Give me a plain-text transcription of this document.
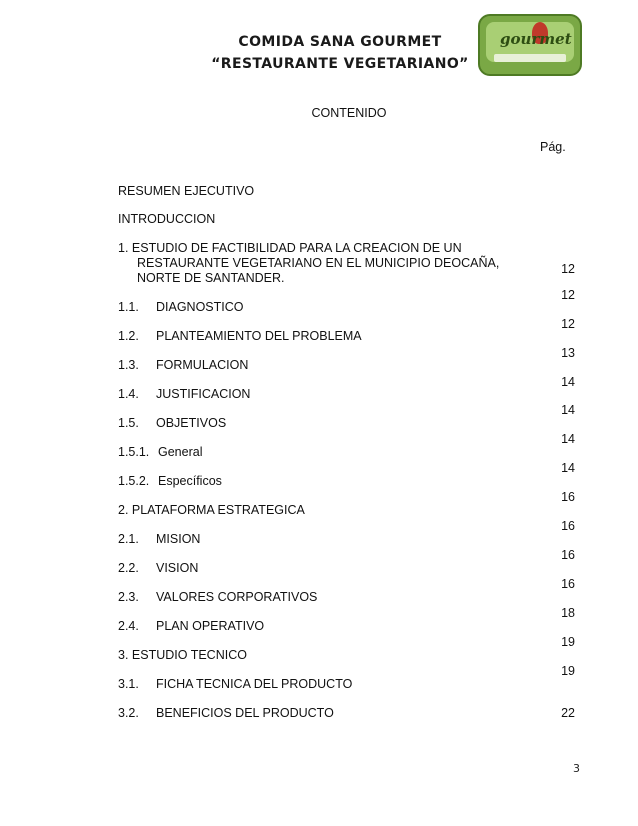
COMIDA SANA GOURMET
“RESTAURANTE VEGETARIANO”
gourmet
CONTENIDO
Pág.
RESUMEN EJECUTIVO
INTRODUCCION
1. ESTUDIO DE FACTIBILIDAD PARA LA CREACION DE UN
RESTAURANTE VEGETARIANO EN EL MUNICIPIO DEOCAÑA,
NORTE DE SANTANDER.
1.1. DIAGNOSTICO
1.2. PLANTEAMIENTO DEL PROBLEMA
1.3. FORMULACION
1.4. JUSTIFICACION
1.5. OBJETIVOS
1.5.1. General
1.5.2. Específicos
2. PLATAFORMA ESTRATEGICA
2.1. MISION
2.2. VISION
2.3. VALORES CORPORATIVOS
2.4. PLAN OPERATIVO
3. ESTUDIO TECNICO
3.1. FICHA TECNICA DEL PRODUCTO
3.2. BENEFICIOS DEL PRODUCTO
12
12
12
13
14
14
14
14
16
16
16
16
18
19
19
22
3
